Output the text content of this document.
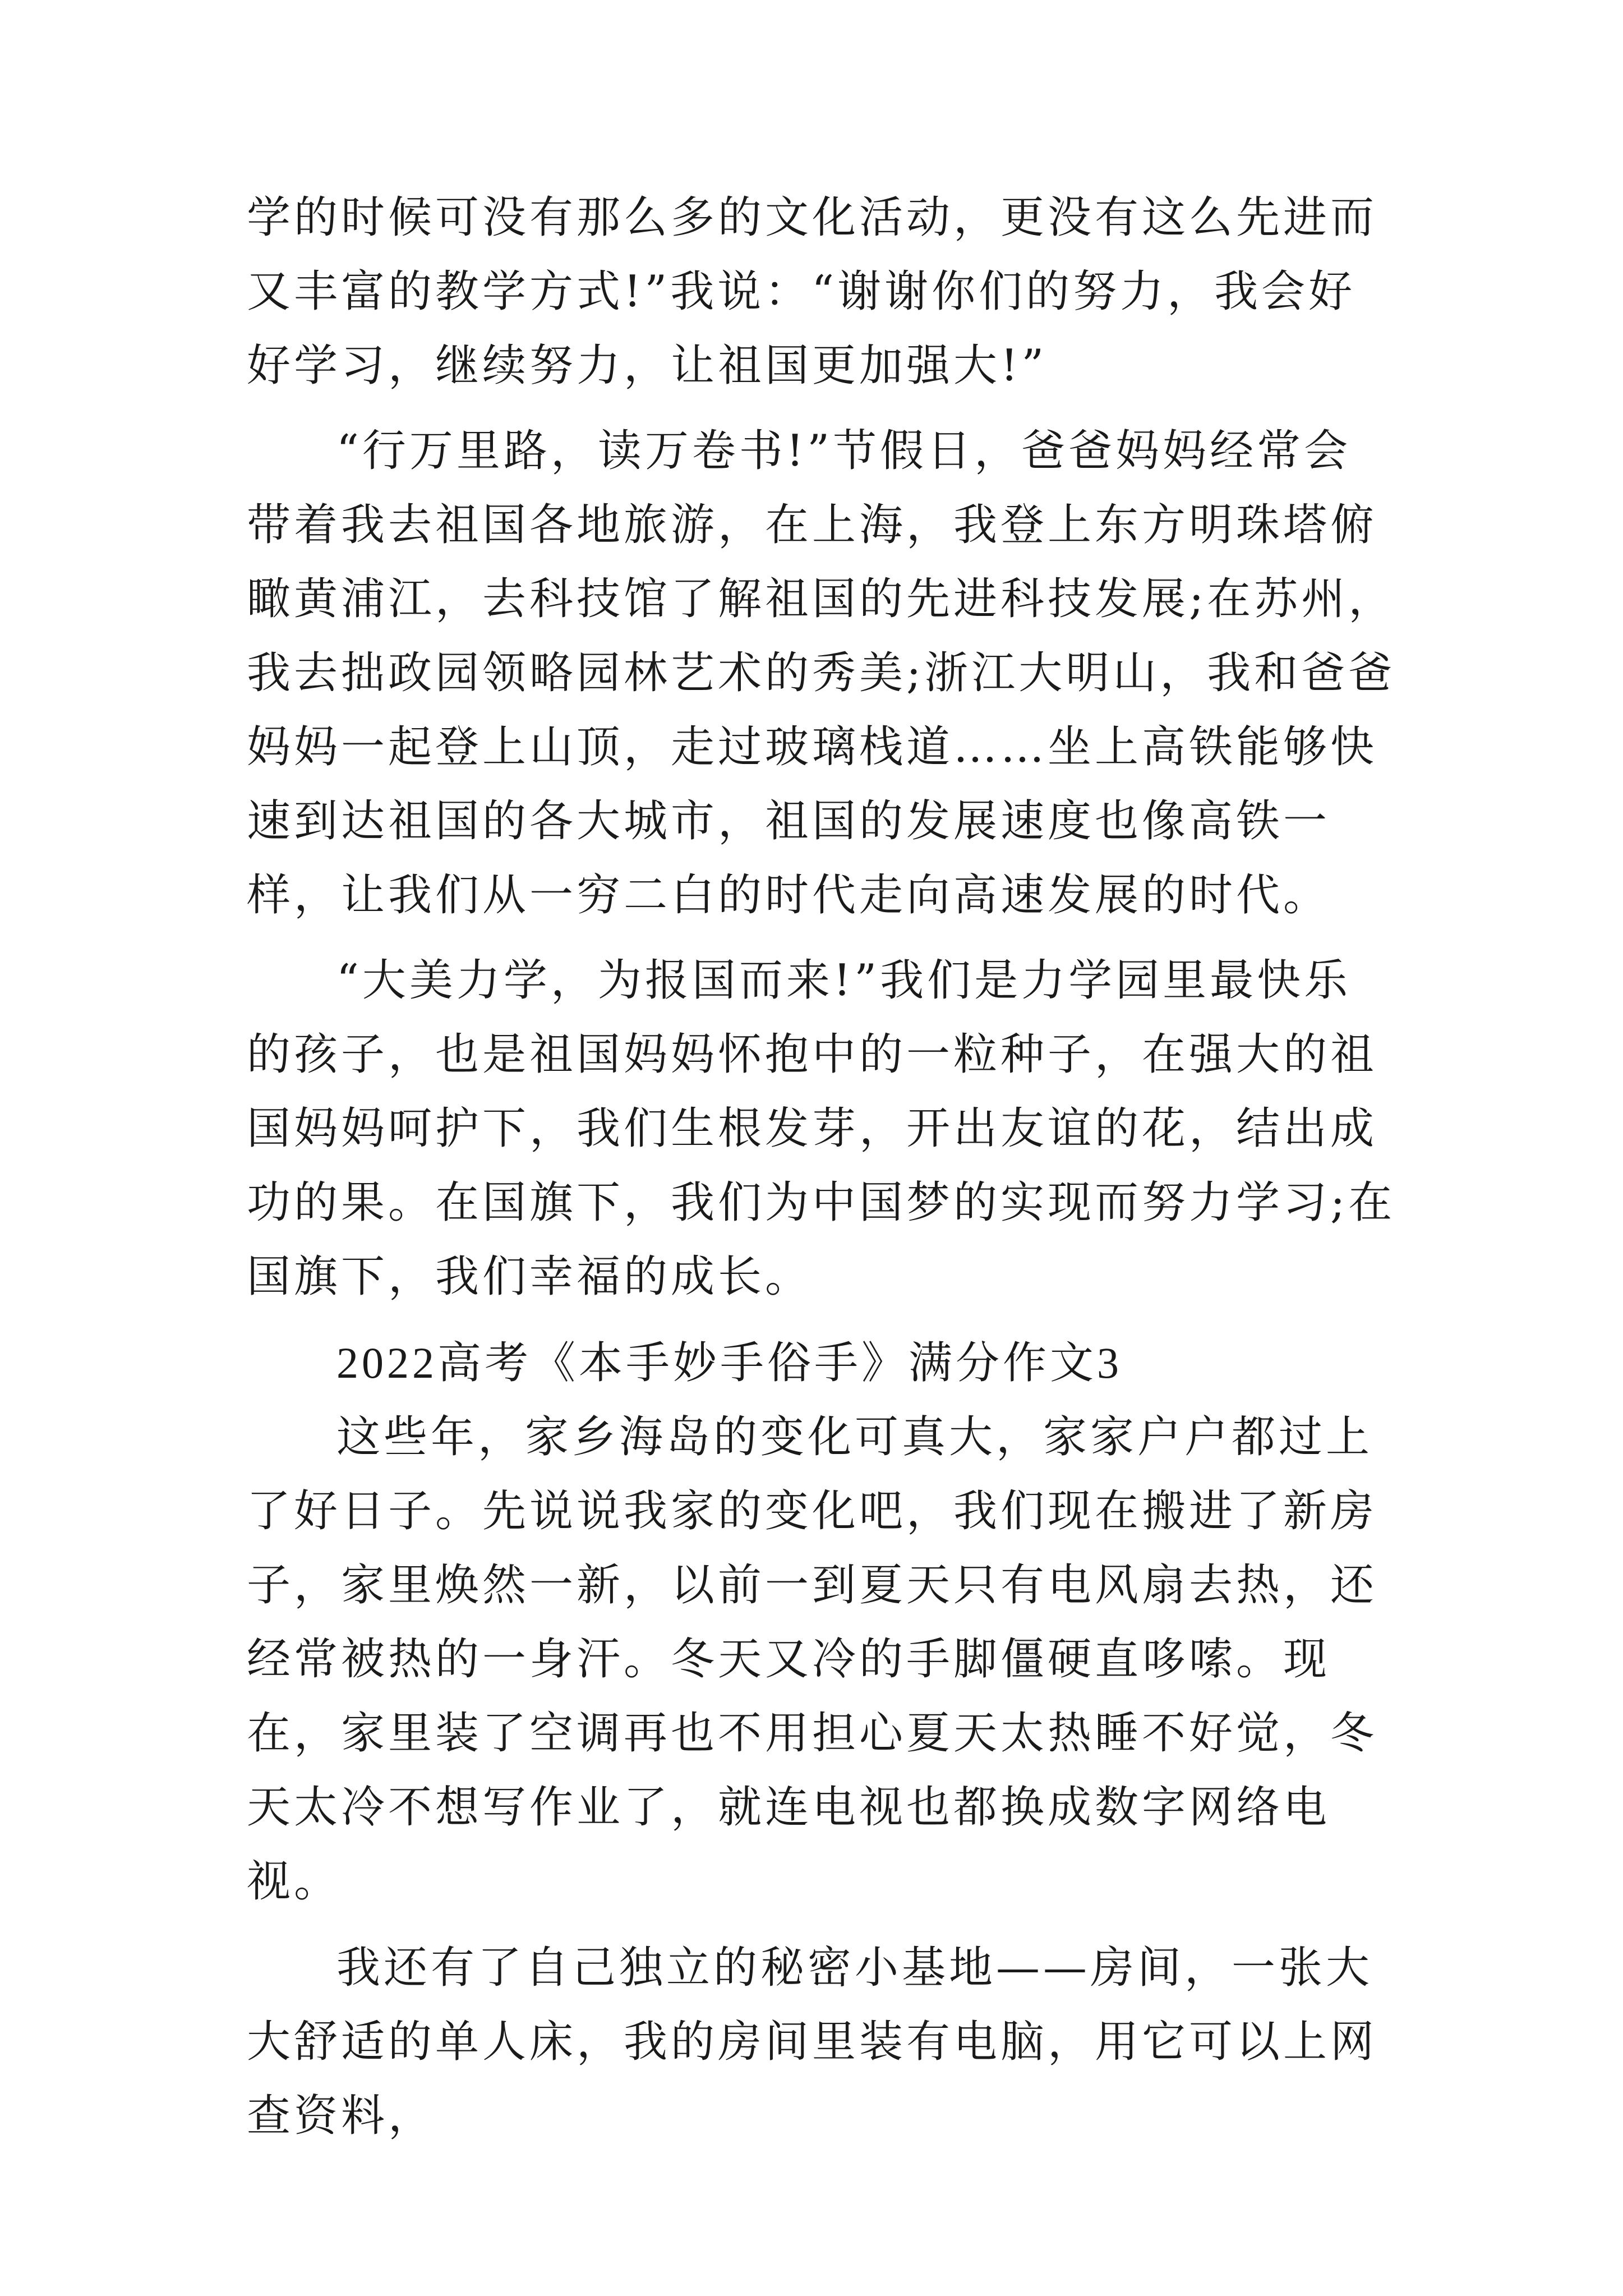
学的时候可没有那么多的文化活动，更没有这么先进而又丰富的教学方式!”我说：“谢谢你们的努力，我会好好学习，继续努力，让祖国更加强大!”

“行万里路，读万卷书!”节假日，爸爸妈妈经常会带着我去祖国各地旅游，在上海，我登上东方明珠塔俯瞰黄浦江，去科技馆了解祖国的先进科技发展;在苏州，我去拙政园领略园林艺术的秀美;浙江大明山，我和爸爸妈妈一起登上山顶，走过玻璃栈道……坐上高铁能够快速到达祖国的各大城市，祖国的发展速度也像高铁一样，让我们从一穷二白的时代走向高速发展的时代。

“大美力学，为报国而来!”我们是力学园里最快乐的孩子，也是祖国妈妈怀抱中的一粒种子，在强大的祖国妈妈呵护下，我们生根发芽，开出友谊的花，结出成功的果。在国旗下，我们为中国梦的实现而努力学习;在国旗下，我们幸福的成长。

2022高考《本手妙手俗手》满分作文3

这些年，家乡海岛的变化可真大，家家户户都过上了好日子。先说说我家的变化吧，我们现在搬进了新房子，家里焕然一新，以前一到夏天只有电风扇去热，还经常被热的一身汗。冬天又冷的手脚僵硬直哆嗦。现在，家里装了空调再也不用担心夏天太热睡不好觉，冬天太冷不想写作业了，就连电视也都换成数字网络电视。

我还有了自己独立的秘密小基地——房间，一张大大舒适的单人床，我的房间里装有电脑，用它可以上网查资料，
